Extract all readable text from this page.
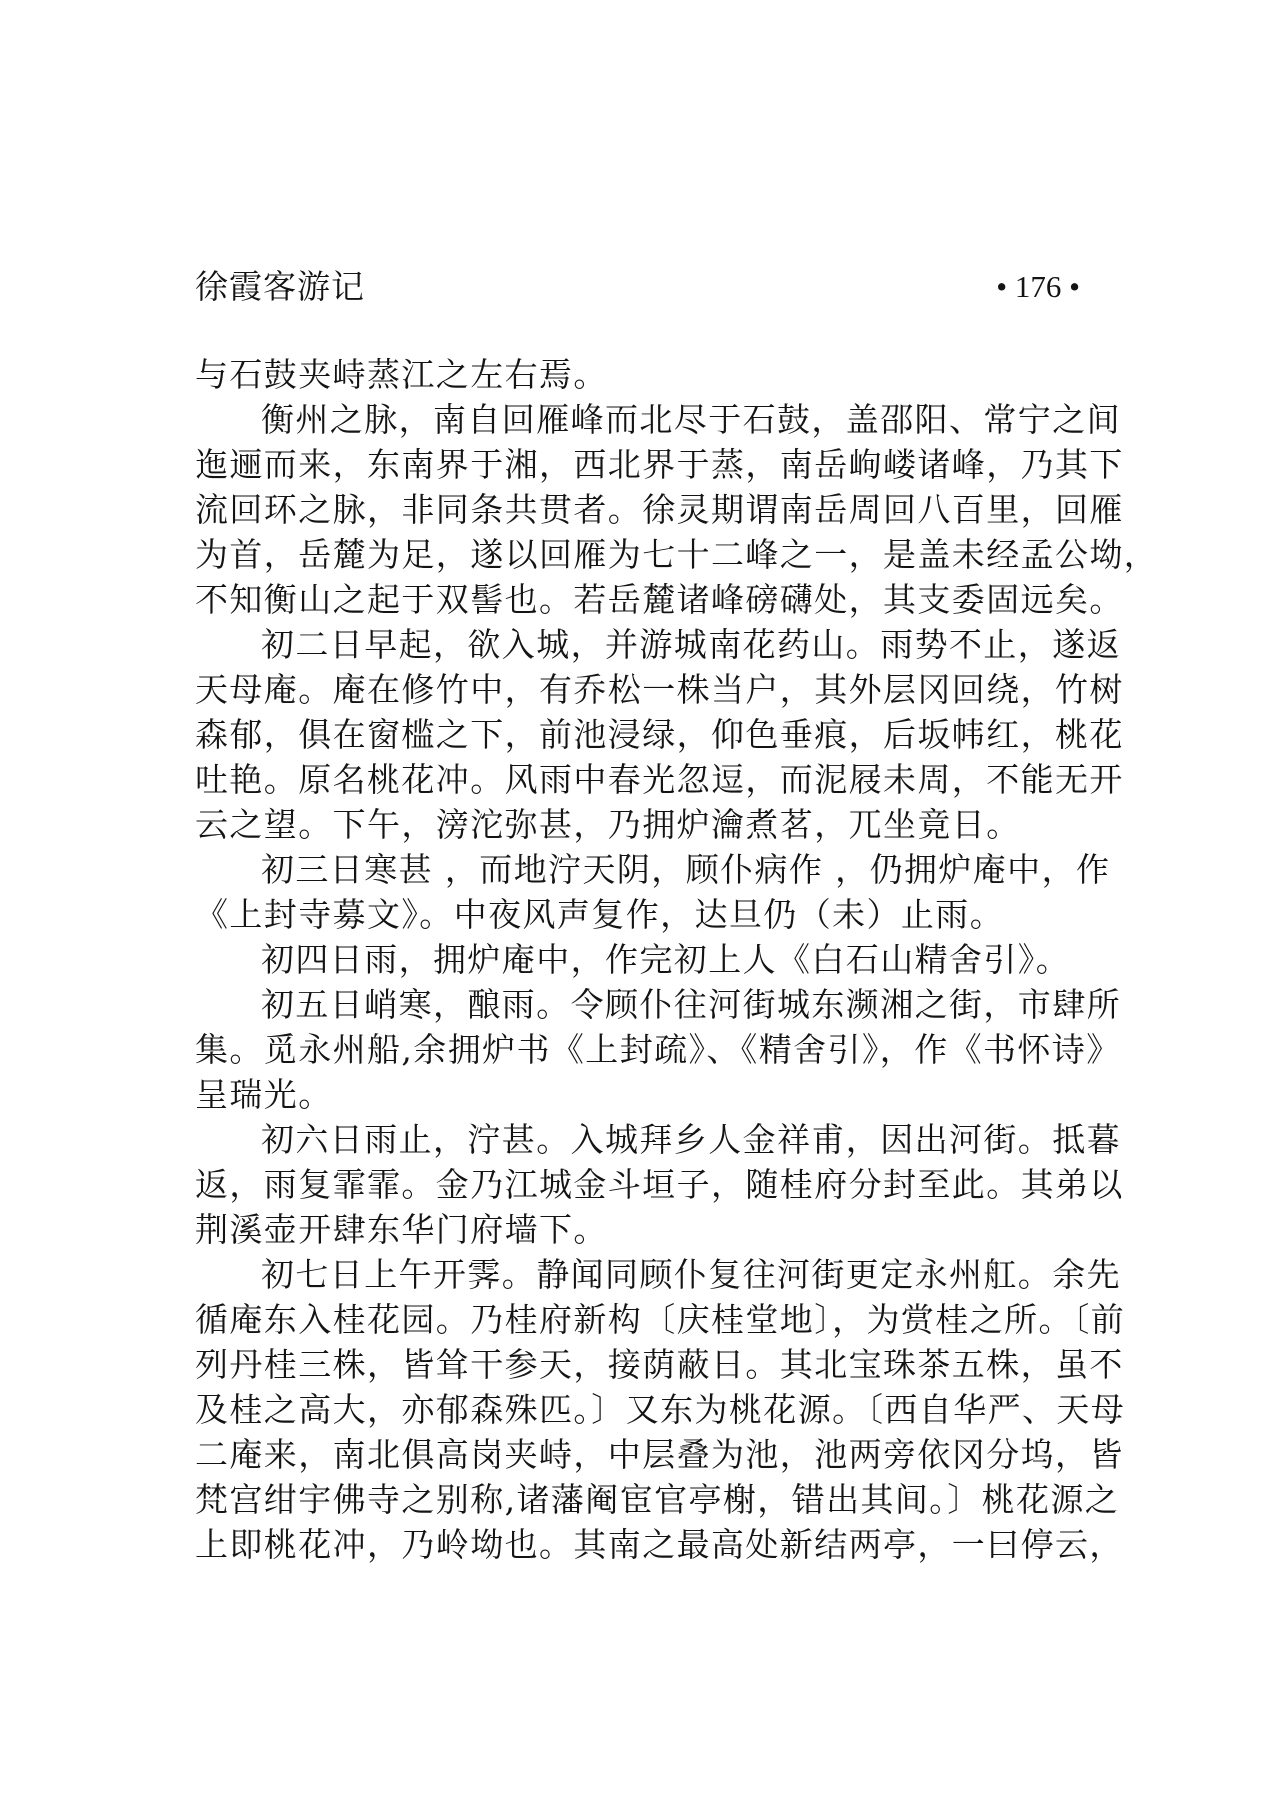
徐霞客游记	• 176 •
与石鼓夹峙蒸江之左右焉。
衡州之脉，南自回雁峰而北尽于石鼓，盖邵阳、常宁之间
迤逦而来，东南界于湘，西北界于蒸，南岳岣嵝诸峰，乃其下
流回环之脉，非同条共贯者。徐灵期谓南岳周回八百里，回雁
为首，岳麓为足，遂以回雁为七十二峰之一，是盖未经孟公坳，
不知衡山之起于双髻也。若岳麓诸峰磅礴处，其支委固远矣。
初二日早起，欲入城，并游城南花药山。雨势不止，遂返
天母庵。庵在修竹中，有乔松一株当户，其外层冈回绕，竹树
森郁，俱在窗槛之下，前池浸绿，仰色垂痕，后坂帏红，桃花
吐艳。原名桃花冲。风雨中春光忽逗，而泥屐未周，不能无开
云之望。下午，滂沱弥甚，乃拥炉瀹煮茗，兀坐竟日。
初三日寒甚 ，而地泞天阴，顾仆病作 ，仍拥炉庵中，作
《上封寺募文》。中夜风声复作，达旦仍（未）止雨。
初四日雨，拥炉庵中，作完初上人《白石山精舍引》。
初五日峭寒，酿雨。令顾仆往河街城东濒湘之街，市肆所
集。觅永州船,余拥炉书《上封疏》、《精舍引》，作《书怀诗》
呈瑞光。
初六日雨止，泞甚。入城拜乡人金祥甫，因出河街。抵暮
返，雨复霏霏。金乃江城金斗垣子，随桂府分封至此。其弟以
荆溪壶开肆东华门府墙下。
初七日上午开霁。静闻同顾仆复往河街更定永州舡。余先
循庵东入桂花园。乃桂府新构〔庆桂堂地〕，为赏桂之所。〔前
列丹桂三株，皆耸干参天，接荫蔽日。其北宝珠茶五株，虽不
及桂之高大，亦郁森殊匹。〕又东为桃花源。〔西自华严、天母
二庵来，南北俱高岗夹峙，中层叠为池，池两旁依冈分坞，皆
梵宫绀宇佛寺之别称,诸藩阉宦官亭榭，错出其间。〕桃花源之
上即桃花冲，乃岭坳也。其南之最高处新结两亭，一曰停云，
